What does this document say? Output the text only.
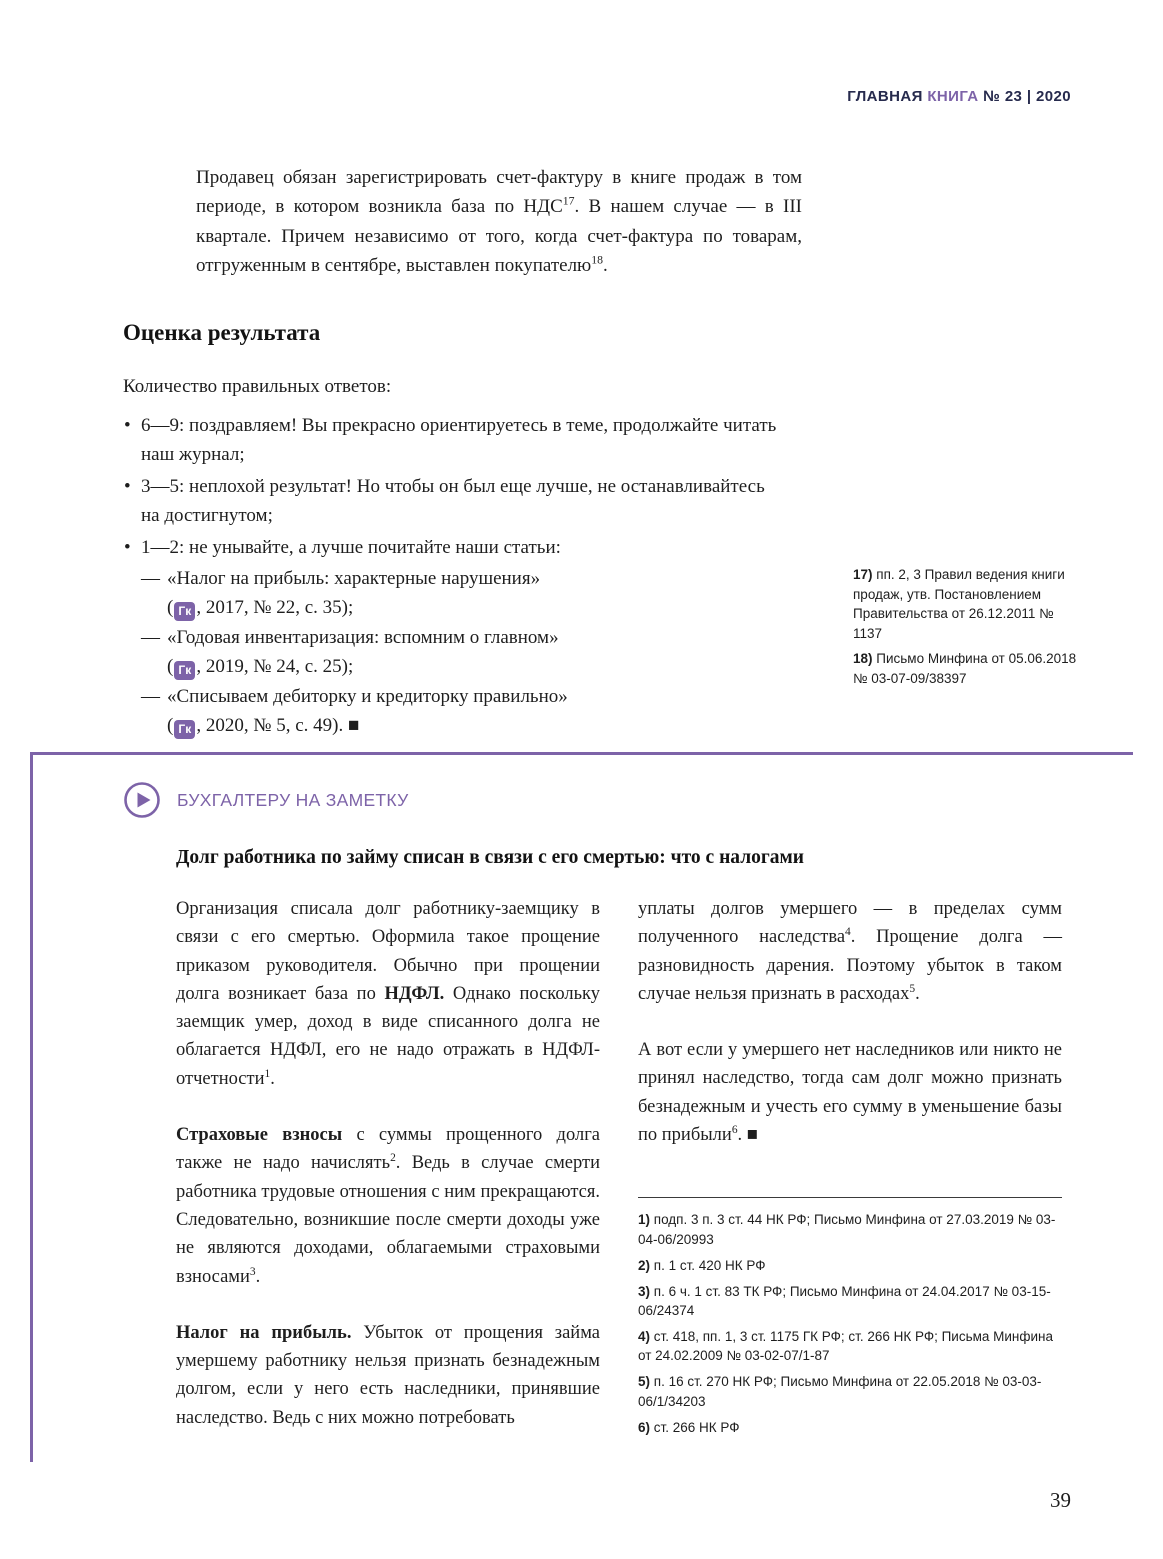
ГЛАВНАЯ КНИГА № 23 | 2020

Продавец обязан зарегистрировать счет-фактуру в книге продаж в том периоде, в котором возникла база по НДС$^{17}$. В нашем случае — в III квартале. Причем независимо от того, когда счет-фактура по товарам, отгруженным в сентябре, выставлен покупателю$^{18}$.

Оценка результата

Количество правильных ответов:

• 6—9: поздравляем! Вы прекрасно ориентируетесь в теме, продолжайте читать наш журнал;
• 3—5: неплохой результат! Но чтобы он был еще лучше, не останавливайтесь на достигнутом;
• 1—2: не унывайте, а лучше почитайте наши статьи:
— «Налог на прибыль: характерные нарушения»
( Гк , 2017, № 22, с. 35);
— «Годовая инвентаризация: вспомним о главном»
( Гк , 2019, № 24, с. 25);
— «Списываем дебиторку и кредиторку правильно»
( Гк , 2020, № 5, с. 49). ■

17) пп. 2, 3 Правил ведения книги продаж, утв. Постановлением Правительства от 26.12.2011 № 1137

18) Письмо Минфина от 05.06.2018 № 03-07-09/38397

БУХГАЛТЕРУ НА ЗАМЕТКУ
Долг работника по займу списан в связи с его смертью: что с налогами

Организация списала долг работнику-заемщику в связи с его смертью. Оформила такое прощение приказом руководителя. Обычно при прощении долга возникает база по НДФЛ. Однако поскольку заемщик умер, доход в виде списанного долга не облагается НДФЛ, его не надо отражать в НДФЛ-отчетности$^1$.

Страховые взносы с суммы прощенного долга также не надо начислять$^2$. Ведь в случае смерти работника трудовые отношения с ним прекращаются. Следовательно, возникшие после смерти доходы уже не являются доходами, облагаемыми страховыми взносами$^3$.

Налог на прибыль. Убыток от прощения займа умершему работнику нельзя признать безнадежным долгом, если у него есть наследники, принявшие наследство. Ведь с них можно потребовать

уплаты долгов умершего — в пределах сумм полученного наследства$^4$. Прощение долга — разновидность дарения. Поэтому убыток в таком случае нельзя признать в расходах$^5$.

А вот если у умершего нет наследников или никто не принял наследство, тогда сам долг можно признать безнадежным и учесть его сумму в уменьшение базы по прибыли$^6$. ■

1) подп. 3 п. 3 ст. 44 НК РФ; Письмо Минфина от 27.03.2019 № 03-04-06/20993

2) п. 1 ст. 420 НК РФ

3) п. 6 ч. 1 ст. 83 ТК РФ; Письмо Минфина от 24.04.2017 № 03-15-06/24374

4) ст. 418, пп. 1, 3 ст. 1175 ГК РФ; ст. 266 НК РФ; Письма Минфина от 24.02.2009 № 03-02-07/1-87

5) п. 16 ст. 270 НК РФ; Письмо Минфина от 22.05.2018 № 03-03-06/1/34203

6) ст. 266 НК РФ

39
